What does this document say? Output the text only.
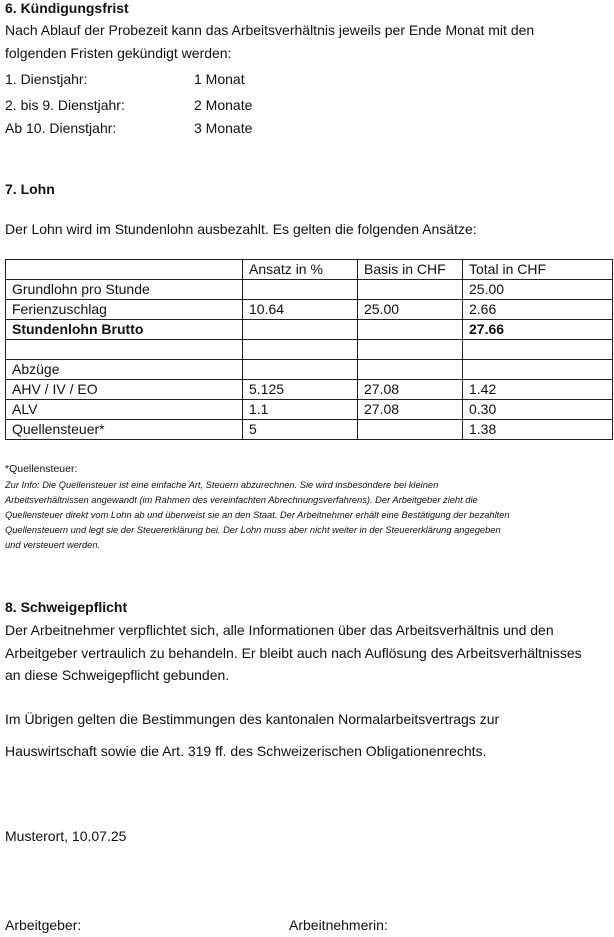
6. Kündigungsfrist
Nach Ablauf der Probezeit kann das Arbeitsverhältnis jeweils per Ende Monat mit den
folgenden Fristen gekündigt werden:
1. Dienstjahr:	1 Monat
2. bis 9. Dienstjahr:	2 Monate
Ab 10. Dienstjahr:	3 Monate
7. Lohn
Der Lohn wird im Stundenlohn ausbezahlt. Es gelten die folgenden Ansätze:
	Ansatz in %	Basis in CHF	Total in CHF
Grundlohn pro Stunde			25.00
Ferienzuschlag	10.64	25.00	2.66
Stundenlohn Brutto			27.66

Abzüge			
AHV / IV / EO	5.125	27.08	1.42
ALV	1.1	27.08	0.30
Quellensteuer*	5		1.38
*Quellensteuer:
Zur Info: Die Quellensteuer ist eine einfache Art, Steuern abzurechnen. Sie wird insbesondere bei kleinen
Arbeitsverhältnissen angewandt (im Rahmen des vereinfachten Abrechnungsverfahrens). Der Arbeitgeber zieht die
Quellensteuer direkt vom Lohn ab und überweist sie an den Staat. Der Arbeitnehmer erhält eine Bestätigung der bezahlten
Quellensteuern und legt sie der Steuererklärung bei. Der Lohn muss aber nicht weiter in der Steuererklärung angegeben
und versteuert werden.
8. Schweigepflicht
Der Arbeitnehmer verpflichtet sich, alle Informationen über das Arbeitsverhältnis und den
Arbeitgeber vertraulich zu behandeln. Er bleibt auch nach Auflösung des Arbeitsverhältnisses
an diese Schweigepflicht gebunden.
Im Übrigen gelten die Bestimmungen des kantonalen Normalarbeitsvertrags zur
Hauswirtschaft sowie die Art. 319 ff. des Schweizerischen Obligationenrechts.
Musterort, 10.07.25
Arbeitgeber:	Arbeitnehmerin:
